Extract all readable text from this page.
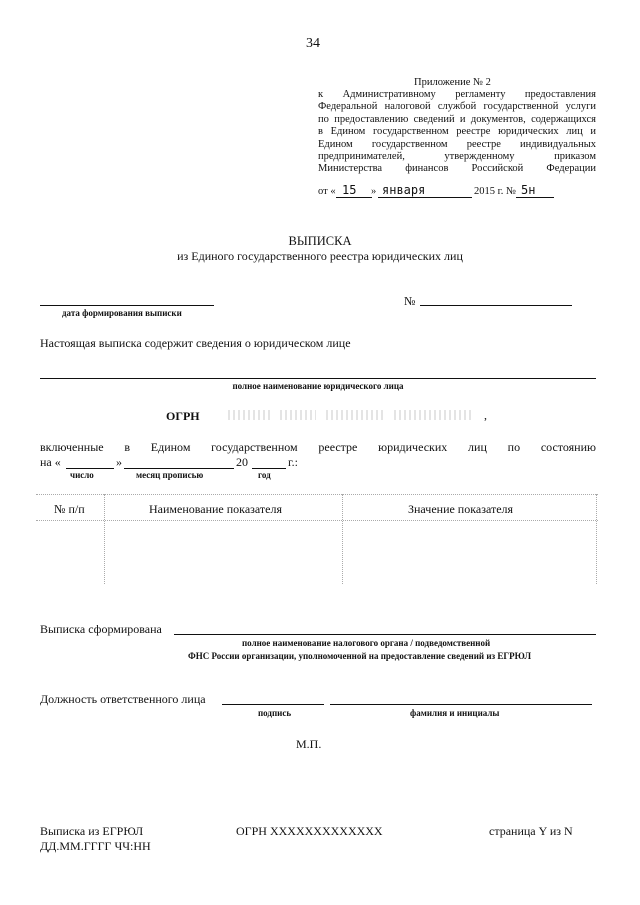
34
Приложение № 2
к Административному регламенту предоставления
Федеральной налоговой службой государственной услуги
по предоставлению сведений и документов, содержащихся
в Едином государственном реестре юридических лиц и
Едином государственном реестре индивидуальных
предпринимателей, утвержденному приказом
Министерства финансов Российской Федерации
от « 15 » января	2015 г. № 5н
ВЫПИСКА
из Единого государственного реестра юридических лиц
дата формирования выписки
№
Настоящая выписка содержит сведения о юридическом лице
полное наименование юридического лица
ОГРН	,
включенные в Едином государственном реестре юридических лиц по состоянию
на «	»	20	г.:
число	месяц прописью	год
№ п/п	Наименование показателя	Значение показателя
Выписка сформирована
полное наименование налогового органа / подведомственной
ФНС России организации, уполномоченной на предоставление сведений из ЕГРЮЛ
Должность ответственного лица
подпись	фамилия и инициалы
М.П.
Выписка из ЕГРЮЛ
ДД.ММ.ГГГГ ЧЧ:НН
ОГРН XXXXXXXXXXXXX	страница Y из N
